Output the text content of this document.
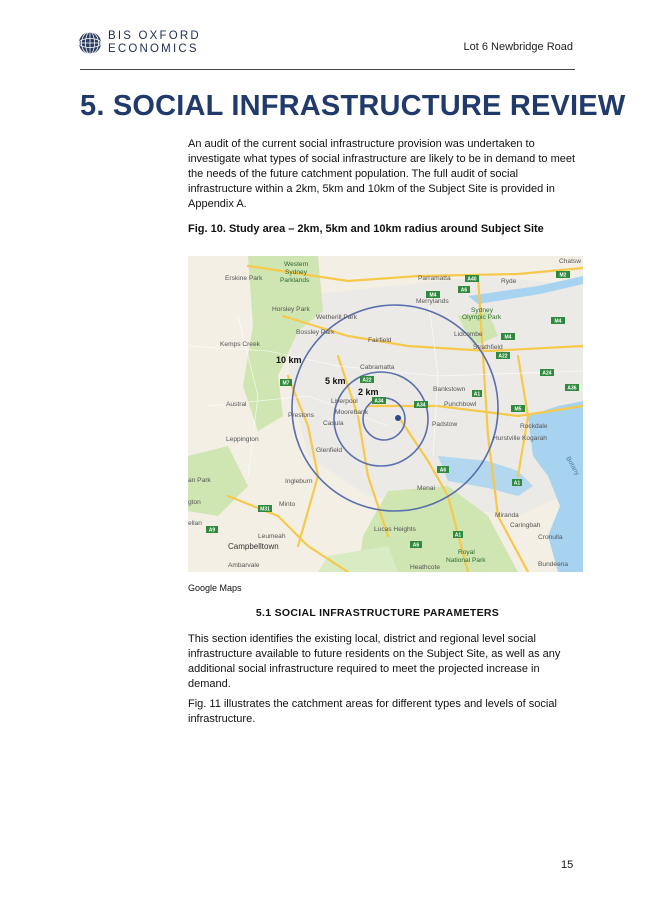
BIS OXFORD
ECONOMICS	Lot 6 Newbridge Road
5. SOCIAL INFRASTRUCTURE REVIEW

An audit of the current social infrastructure provision was undertaken to investigate what types of social infrastructure are likely to be in demand to meet the needs of the future catchment population. The full audit of social infrastructure within a 2km, 5km and 10km of the Subject Site is provided in Appendix A.

Fig. 10. Study area – 2km, 5km and 10km radius around Subject Site

10 km
5 km
2 km
M2
A40
A6
M4
M4
A22
A22
M4
A24
M7
A34
A34
M5
A36
A1
A6
A1
M31
A9
A1
A6
Western
Sydney
Parklands
Erskine Park	Parramatta	Ryde
Chatsw
Merrylands
Horsley Park
Wetherill Park
Sydney
Olympic Park
Bossley Park	Lidcombe
Fairfield
Kemps Creek	Strathfield
Cabramatta
Bankstown
Austral	Liverpool	Punchbowl
Prestons	Moorebank
Rockdale
Casula	Padstow
Leppington	Hurstville Kogarah
Glenfield
Botany
an Park	Ingleburn
Menai
gton	Minto
Miranda
Caringbah
ellan
Lucas Heights
Leumeah	Cronulla
Campbelltown
Royal
National Park
Ambarvale	Heathcote	Bundeena
Google Maps
5.1 SOCIAL INFRASTRUCTURE PARAMETERS

This section identifies the existing local, district and regional level social infrastructure available to future residents on the Subject Site, as well as any additional social infrastructure required to meet the projected increase in demand.

Fig. 11 illustrates the catchment areas for different types and levels of social infrastructure.

15
